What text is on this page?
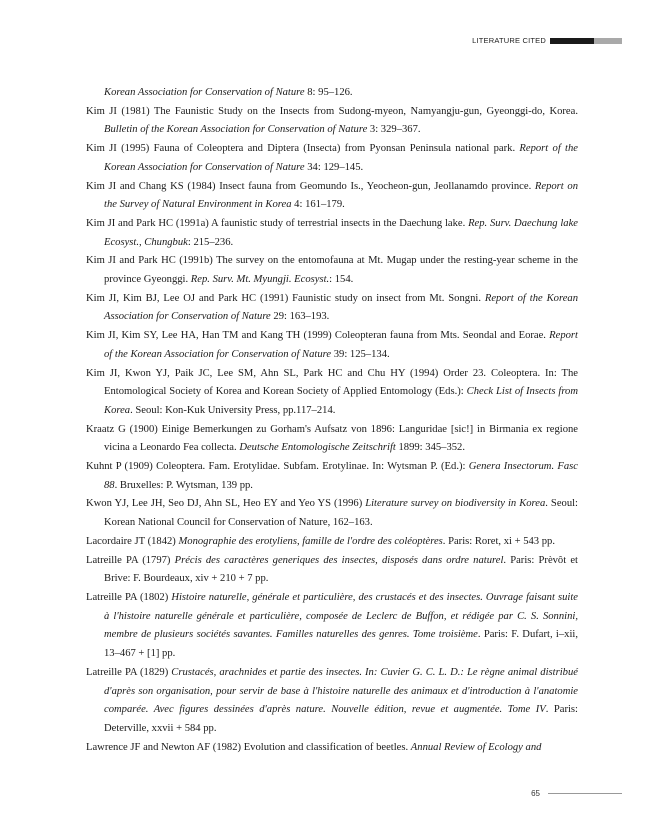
LITERATURE CITED
Korean Association for Conservation of Nature 8: 95–126.
Kim JI (1981) The Faunistic Study on the Insects from Sudong-myeon, Namyangju-gun, Gyeonggi-do, Korea. Bulletin of the Korean Association for Conservation of Nature 3: 329–367.
Kim JI (1995) Fauna of Coleoptera and Diptera (Insecta) from Pyonsan Peninsula national park. Report of the Korean Association for Conservation of Nature 34: 129–145.
Kim JI and Chang KS (1984) Insect fauna from Geomundo Is., Yeocheon-gun, Jeollanamdo province. Report on the Survey of Natural Environment in Korea 4: 161–179.
Kim JI and Park HC (1991a) A faunistic study of terrestrial insects in the Daechung lake. Rep. Surv. Daechung lake Ecosyst., Chungbuk: 215–236.
Kim JI and Park HC (1991b) The survey on the entomofauna at Mt. Mugap under the resting-year scheme in the province Gyeonggi. Rep. Surv. Mt. Myungji. Ecosyst.: 154.
Kim JI, Kim BJ, Lee OJ and Park HC (1991) Faunistic study on insect from Mt. Songni. Report of the Korean Association for Conservation of Nature 29: 163–193.
Kim JI, Kim SY, Lee HA, Han TM and Kang TH (1999) Coleopteran fauna from Mts. Seondal and Eorae. Report of the Korean Association for Conservation of Nature 39: 125–134.
Kim JI, Kwon YJ, Paik JC, Lee SM, Ahn SL, Park HC and Chu HY (1994) Order 23. Coleoptera. In: The Entomological Society of Korea and Korean Society of Applied Entomology (Eds.): Check List of Insects from Korea. Seoul: Kon-Kuk University Press, pp.117–214.
Kraatz G (1900) Einige Bemerkungen zu Gorham's Aufsatz von 1896: Languridae [sic!] in Birmania ex regione vicina a Leonardo Fea collecta. Deutsche Entomologische Zeitschrift 1899: 345–352.
Kuhnt P (1909) Coleoptera. Fam. Erotylidae. Subfam. Erotylinae. In: Wytsman P. (Ed.): Genera Insectorum. Fasc 88. Bruxelles: P. Wytsman, 139 pp.
Kwon YJ, Lee JH, Seo DJ, Ahn SL, Heo EY and Yeo YS (1996) Literature survey on biodiversity in Korea. Seoul: Korean National Council for Conservation of Nature, 162–163.
Lacordaire JT (1842) Monographie des erotyliens, famille de l'ordre des coléoptères. Paris: Roret, xi + 543 pp.
Latreille PA (1797) Précis des caractères generiques des insectes, disposés dans ordre naturel. Paris: Prèvôt et Brive: F. Bourdeaux, xiv + 210 + 7 pp.
Latreille PA (1802) Histoire naturelle, générale et particulière, des crustacés et des insectes. Ouvrage faisant suite à l'histoire naturelle générale et particulière, composée de Leclerc de Buffon, et rédigée par C. S. Sonnini, membre de plusieurs sociétés savantes. Familles naturelles des genres. Tome troisième. Paris: F. Dufart, i–xii, 13–467 + [1] pp.
Latreille PA (1829) Crustacés, arachnides et partie des insectes. In: Cuvier G. C. L. D.: Le règne animal distribué d'après son organisation, pour servir de base à l'histoire naturelle des animaux et d'introduction à l'anatomie comparée. Avec figures dessinées d'après nature. Nouvelle édition, revue et augmentée. Tome IV. Paris: Deterville, xxvii + 584 pp.
Lawrence JF and Newton AF (1982) Evolution and classification of beetles. Annual Review of Ecology and
65
